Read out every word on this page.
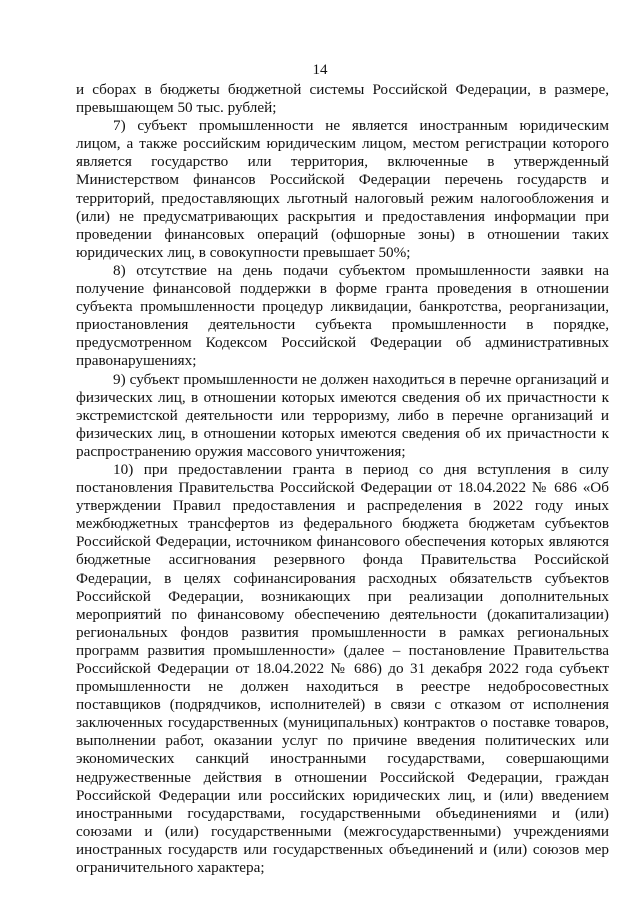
14

и сборах в бюджеты бюджетной системы Российской Федерации, в размере, превышающем 50 тыс. рублей;

7) субъект промышленности не является иностранным юридическим лицом, а также российским юридическим лицом, местом регистрации которого является государство или территория, включенные в утвержденный Министерством финансов Российской Федерации перечень государств и территорий, предоставляющих льготный налоговый режим налогообложения и (или) не предусматривающих раскрытия и предоставления информации при проведении финансовых операций (офшорные зоны) в отношении таких юридических лиц, в совокупности превышает 50%;

8) отсутствие на день подачи субъектом промышленности заявки на получение финансовой поддержки в форме гранта проведения в отношении субъекта промышленности процедур ликвидации, банкротства, реорганизации, приостановления деятельности субъекта промышленности в порядке, предусмотренном Кодексом Российской Федерации об административных правонарушениях;

9) субъект промышленности не должен находиться в перечне организаций и физических лиц, в отношении которых имеются сведения об их причастности к экстремистской деятельности или терроризму, либо в перечне организаций и физических лиц, в отношении которых имеются сведения об их причастности к распространению оружия массового уничтожения;

10) при предоставлении гранта в период со дня вступления в силу постановления Правительства Российской Федерации от 18.04.2022 № 686 «Об утверждении Правил предоставления и распределения в 2022 году иных межбюджетных трансфертов из федерального бюджета бюджетам субъектов Российской Федерации, источником финансового обеспечения которых являются бюджетные ассигнования резервного фонда Правительства Российской Федерации, в целях софинансирования расходных обязательств субъектов Российской Федерации, возникающих при реализации дополнительных мероприятий по финансовому обеспечению деятельности (докапитализации) региональных фондов развития промышленности в рамках региональных программ развития промышленности» (далее – постановление Правительства Российской Федерации от 18.04.2022 № 686) до 31 декабря 2022 года субъект промышленности не должен находиться в реестре недобросовестных поставщиков (подрядчиков, исполнителей) в связи с отказом от исполнения заключенных государственных (муниципальных) контрактов о поставке товаров, выполнении работ, оказании услуг по причине введения политических или экономических санкций иностранными государствами, совершающими недружественные действия в отношении Российской Федерации, граждан Российской Федерации или российских юридических лиц, и (или) введением иностранными государствами, государственными объединениями и (или) союзами и (или) государственными (межгосударственными) учреждениями иностранных государств или государственных объединений и (или) союзов мер ограничительного характера;
